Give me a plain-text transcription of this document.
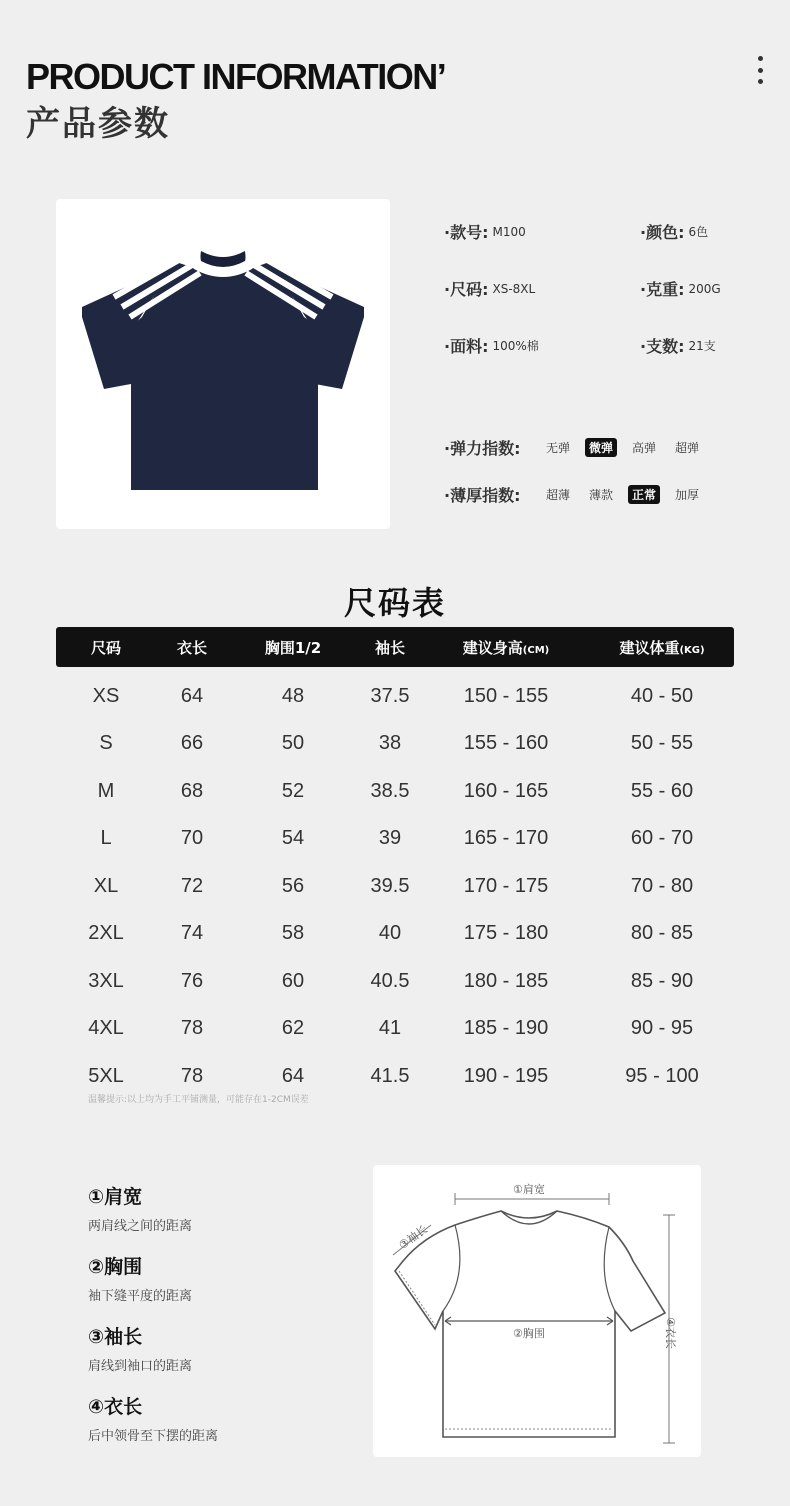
PRODUCT INFORMATION’
产品参数
·款号: M100	·颜色: 6色
·尺码: XS-8XL	·克重: 200G
·面料: 100%棉	·支数: 21支
·弹力指数:	无弹	微弹	高弹	超弹
·薄厚指数:	超薄	薄款	正常	加厚
尺码表
尺码	衣长	胸围1/2	袖长	建议身高(CM)	建议体重(KG)
XS	64	48	37.5	150 - 155	40 - 50
S	66	50	38	155 - 160	50 - 55
M	68	52	38.5	160 - 165	55 - 60
L	70	54	39	165 - 170	60 - 70
XL	72	56	39.5	170 - 175	70 - 80
2XL	74	58	40	175 - 180	80 - 85
3XL	76	60	40.5	180 - 185	85 - 90
4XL	78	62	41	185 - 190	90 - 95
5XL	78	64	41.5	190 - 195	95 - 100
温馨提示:以上均为手工平铺测量，可能存在1-2CM误差
①肩宽
两肩线之间的距离
②胸围
袖下缝平度的距离
③袖长
肩线到袖口的距离
④衣长
后中领骨至下摆的距离
①肩宽
②胸围
③袖长
④衣长
